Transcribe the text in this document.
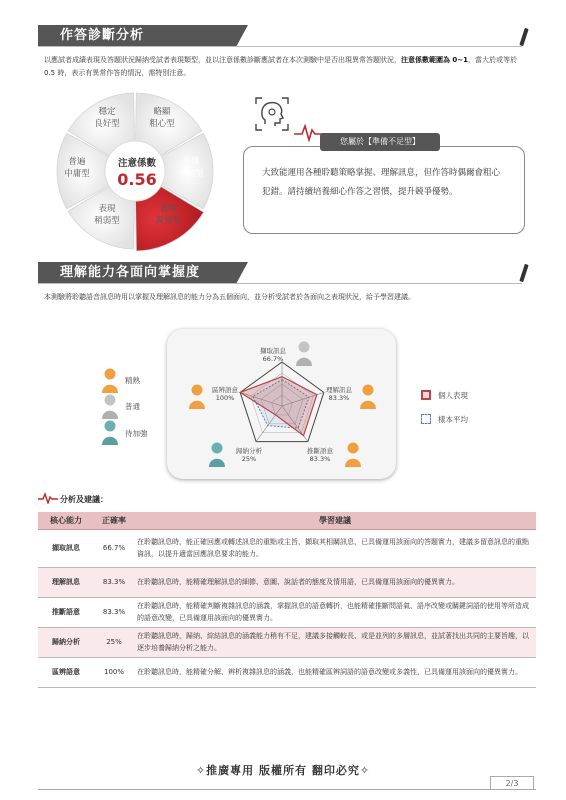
作答診斷分析
以應試者成績表現及答題狀況歸納受試者表現類型，並以注意係數診斷應試者在本次測驗中是否出現異常答題狀況，注意係數範圍為 0~1，當大於或等於 0.5 時，表示有異常作答的情況，需特別注意。
穩定
良好型
略顯
粗心型
準備
不足型
表現
異常型
表現
稍弱型
普遍
中庸型
注意係數
0.56
您屬於【準備不足型】
大致能運用各種聆聽策略掌握、理解訊息，但作答時偶爾會粗心犯錯。請持續培養細心作答之習慣，提升競爭優勢。
理解能力各面向掌握度
本測驗將聆聽語音訊息時用以掌握及理解訊息的能力分為五個面向，並分析受試者於各面向之表現狀況，給予學習建議。
精熟
普通
待加強
擷取訊息
66.7%
理解訊息
83.3%
推斷語意
83.3%
歸納分析
25%
區辨語意
100%	個人表現
樣本平均
分析及建議：
核心能力	正確率	學習建議
擷取訊息	66.7%	在聆聽訊息時，能正確回應或轉述訊息的重點或主旨，擷取其相關訊息，已具備運用該面向的答題實力，建議多留意訊息的重點資訊，以提升適當回應訊息要求的能力。
理解訊息	83.3%	在聆聽訊息時，能精確理解訊息的細節、意圖、說話者的態度及情用語，已具備運用該面向的優異實力。
推斷語意	83.3%	在聆聽訊息時，能精確判斷複雜訊息的涵義，掌握訊息的語意轉折，也能精確推斷問語氣、語序改變或關鍵詞語的使用等所造成的語意改變，已具備運用該面向的優異實力。
歸納分析	25%	在聆聽訊息時，歸納、綜結訊息的涵義能力稍有不足，建議多接觸較長、或是並列的多層訊息，並試著找出共同的主要旨趣，以逐步培養歸納分析之能力。
區辨語意	100%	在聆聽訊息時，能精確分解、辨析複雜訊息的涵義，也能精確區辨詞語的語意改變或多義性，已具備運用該面向的優異實力。
✧推廣專用 版權所有 翻印必究✧
2/3
